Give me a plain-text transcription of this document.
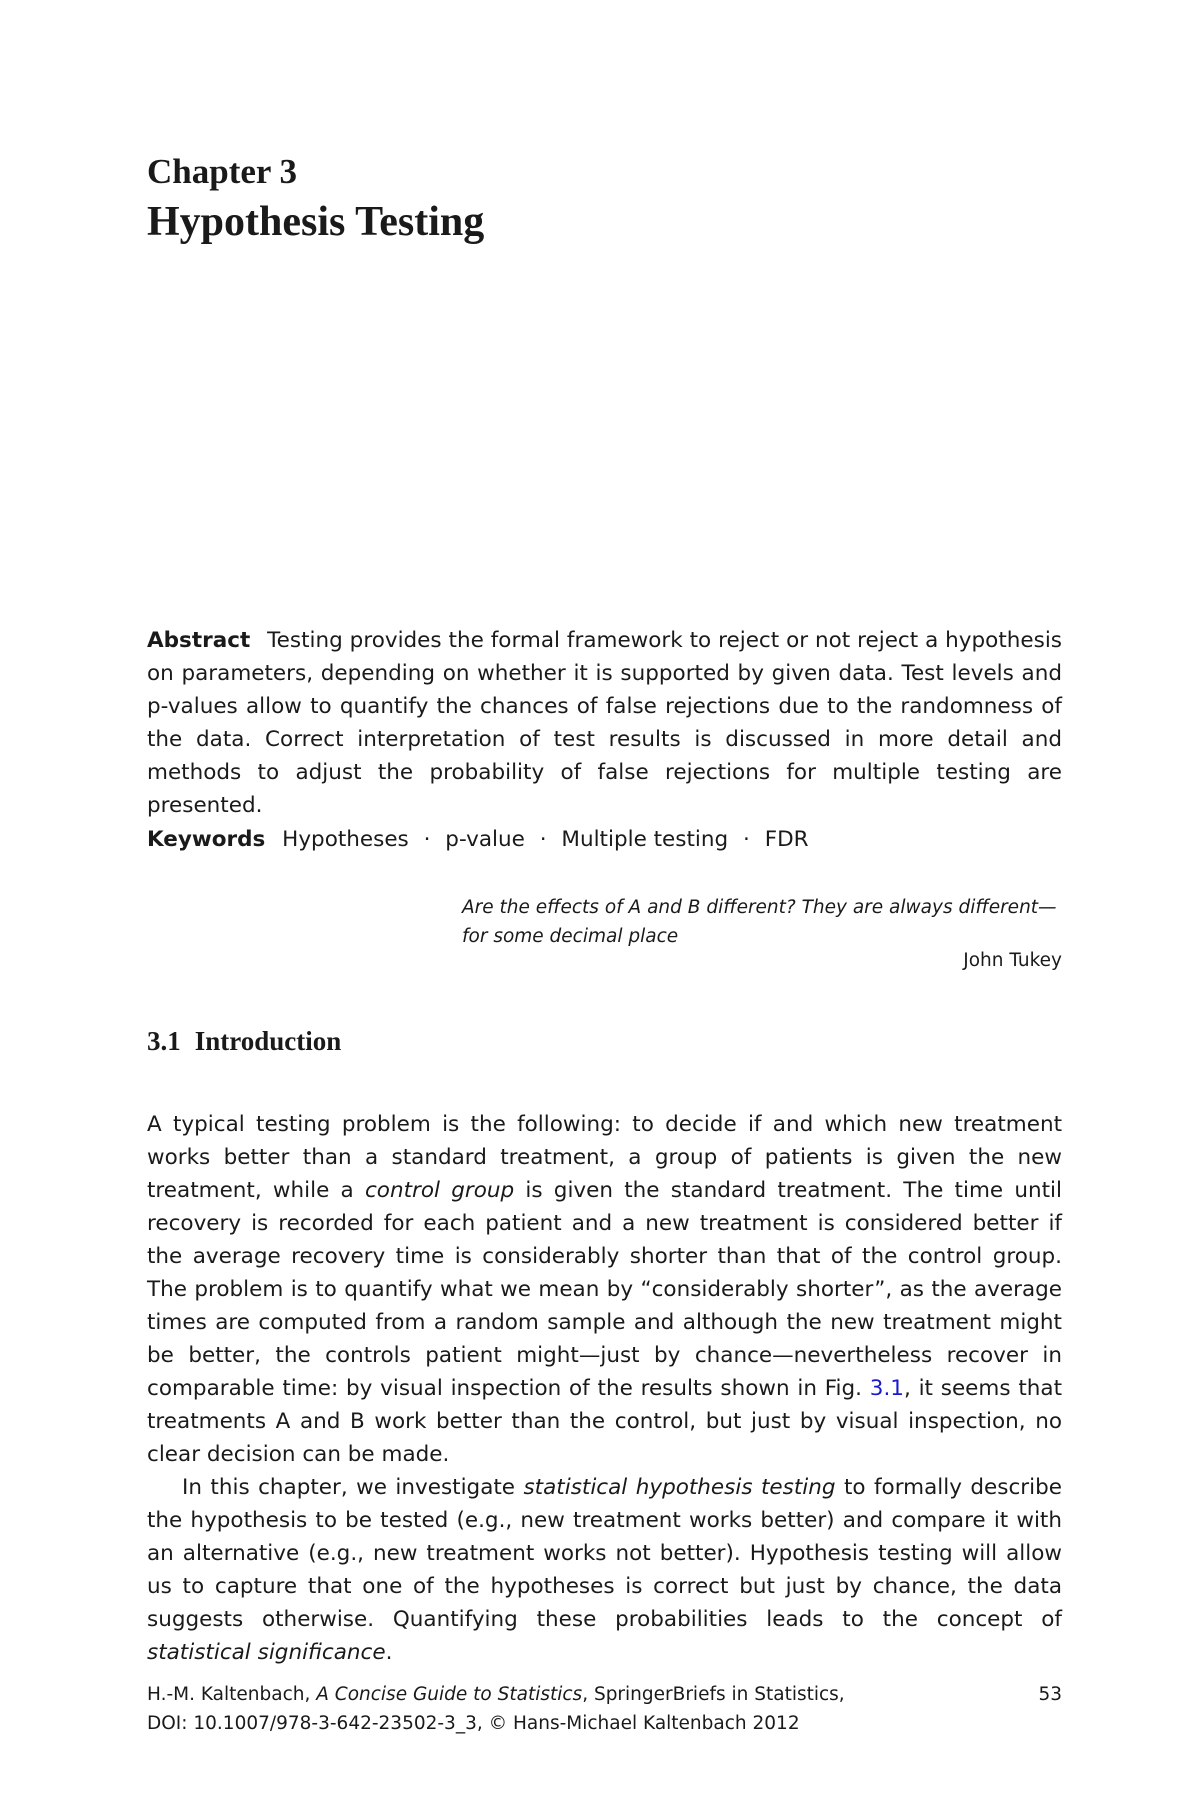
Chapter 3
Hypothesis Testing
Abstract Testing provides the formal framework to reject or not reject a hypothesis on parameters, depending on whether it is supported by given data. Test levels and p-values allow to quantify the chances of false rejections due to the randomness of the data. Correct interpretation of test results is discussed in more detail and methods to adjust the probability of false rejections for multiple testing are presented.
Keywords Hypotheses · p-value · Multiple testing · FDR
Are the effects of A and B different? They are always different—for some decimal place
John Tukey
3.1 Introduction

A typical testing problem is the following: to decide if and which new treatment works better than a standard treatment, a group of patients is given the new treatment, while a control group is given the standard treatment. The time until recovery is recorded for each patient and a new treatment is considered better if the average recovery time is considerably shorter than that of the control group. The problem is to quantify what we mean by “considerably shorter”, as the average times are computed from a random sample and although the new treatment might be better, the controls patient might—just by chance—nevertheless recover in comparable time: by visual inspection of the results shown in Fig. 3.1, it seems that treatments A and B work better than the control, but just by visual inspection, no clear decision can be made.

In this chapter, we investigate statistical hypothesis testing to formally describe the hypothesis to be tested (e.g., new treatment works better) and compare it with an alternative (e.g., new treatment works not better). Hypothesis testing will allow us to capture that one of the hypotheses is correct but just by chance, the data suggests otherwise. Quantifying these probabilities leads to the concept of statistical significance.

H.-M. Kaltenbach, A Concise Guide to Statistics, SpringerBriefs in Statistics,
DOI: 10.1007/978-3-642-23502-3_3, © Hans-Michael Kaltenbach 2012
53
